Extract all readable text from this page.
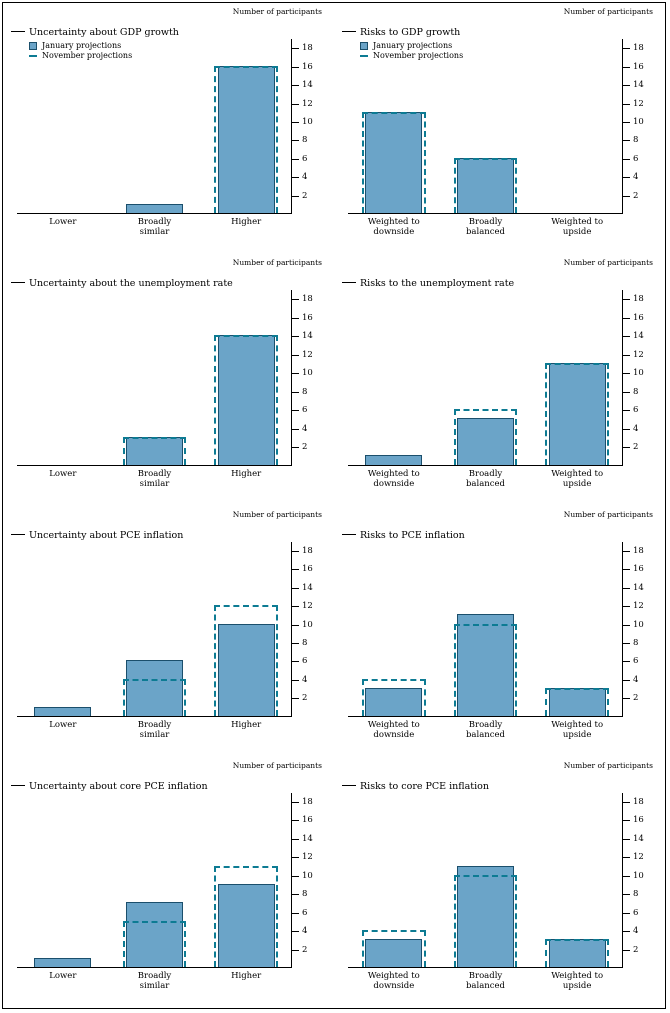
Number of participants
Uncertainty about GDP growth
January projections
November projections
2
4
6
8
10
12
14
16
18
Lower	Broadly
similar
Higher
Number of participants
Risks to GDP growth
January projections
November projections
2
4
6
8
10
12
14
16
18
Weighted to
downside
Broadly
balanced
Weighted to
upside
Number of participants
Uncertainty about the unemployment rate
2
4
6
8
10
12
14
16
18
Lower	Broadly
similar
Higher
Number of participants
Risks to the unemployment rate
2
4
6
8
10
12
14
16
18
Weighted to
downside
Broadly
balanced
Weighted to
upside
Number of participants
Uncertainty about PCE inflation
2
4
6
8
10
12
14
16
18
Lower	Broadly
similar
Higher
Number of participants
Risks to PCE inflation
2
4
6
8
10
12
14
16
18
Weighted to
downside
Broadly
balanced
Weighted to
upside
Number of participants
Uncertainty about core PCE inflation
2
4
6
8
10
12
14
16
18
Lower	Broadly
similar
Higher
Number of participants
Risks to core PCE inflation
2
4
6
8
10
12
14
16
18
Weighted to
downside
Broadly
balanced
Weighted to
upside
